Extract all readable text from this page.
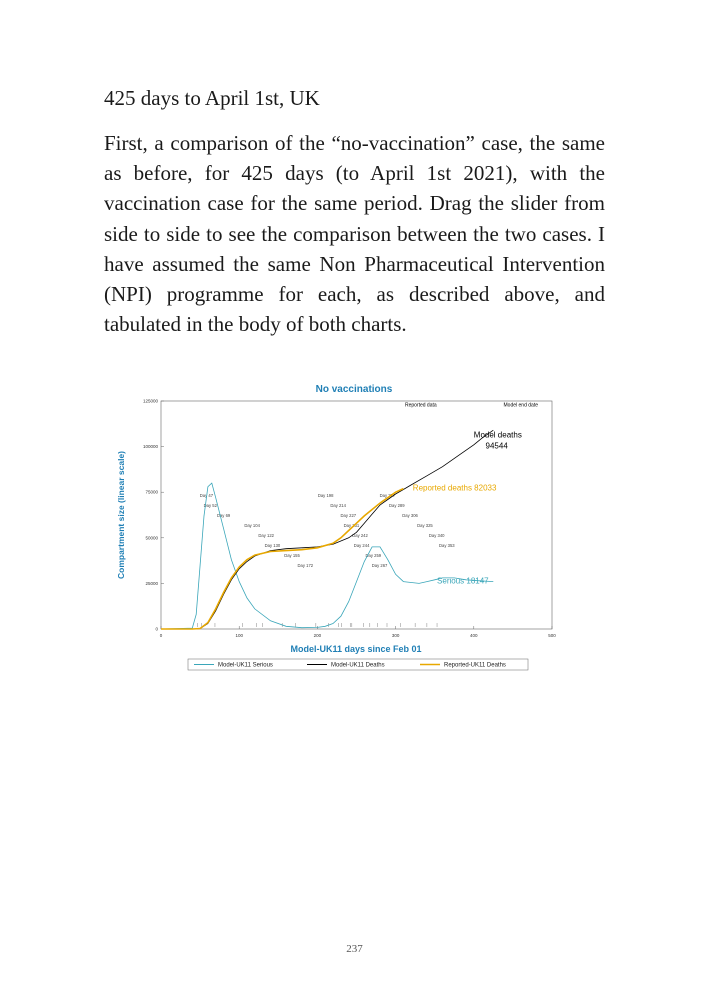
425 days to April 1st, UK

First, a comparison of the “no-vaccination” case, the same as before, for 425 days (to April 1st 2021), with the vaccination case for the same period. Drag the slider from side to side to see the comparison between the two cases. I have assumed the same Non Pharmaceutical Intervention (NPI) programme for each, as described above, and tabulated in the body of both charts.

No vaccinations
0	100	200	300	400	500
0
25000
50000
75000
100000
125000
Day 47
Day 52
Day 69
Day 104
Day 122
Day 130
Day 155
Day 172
Day 198
Day 214
Day 227
Day 231
Day 242
Day 244
Day 259
Day 267
Day 277
Day 289
Day 306
Day 325
Day 340
Day 353
Model deaths
94544
Reported deaths 82033
Serious 18147
Reported data	Model end date
Model-UK11 days since Feb 01
Compartment size (linear scale)
Model-UK11 Serious	Model-UK11 Deaths	Reported-UK11 Deaths
237
